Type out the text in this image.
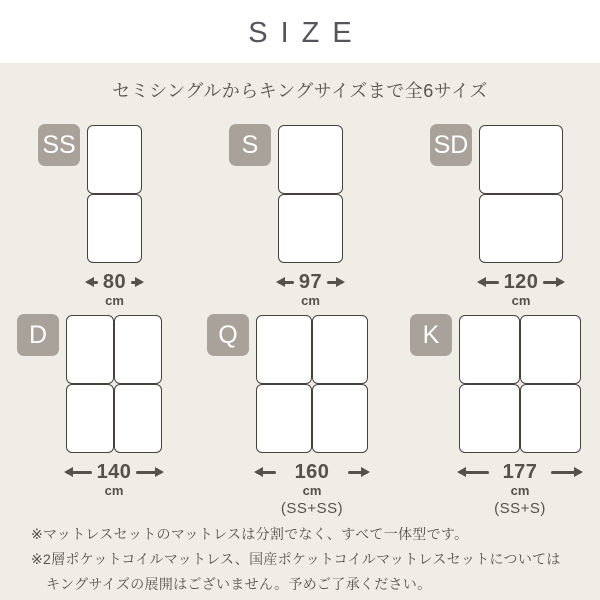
SIZE
セミシングルからキングサイズまで全6サイズ
SS
80
cm
S
97
cm
SD
120
cm
D
140
cm
Q
160
cm
(SS+SS)
K
177
cm
(SS+S)
※マットレスセットのマットレスは分割でなく、すべて一体型です。
※2層ポケットコイルマットレス、国産ポケットコイルマットレスセットについては
キングサイズの展開はございません。予めご了承ください。
